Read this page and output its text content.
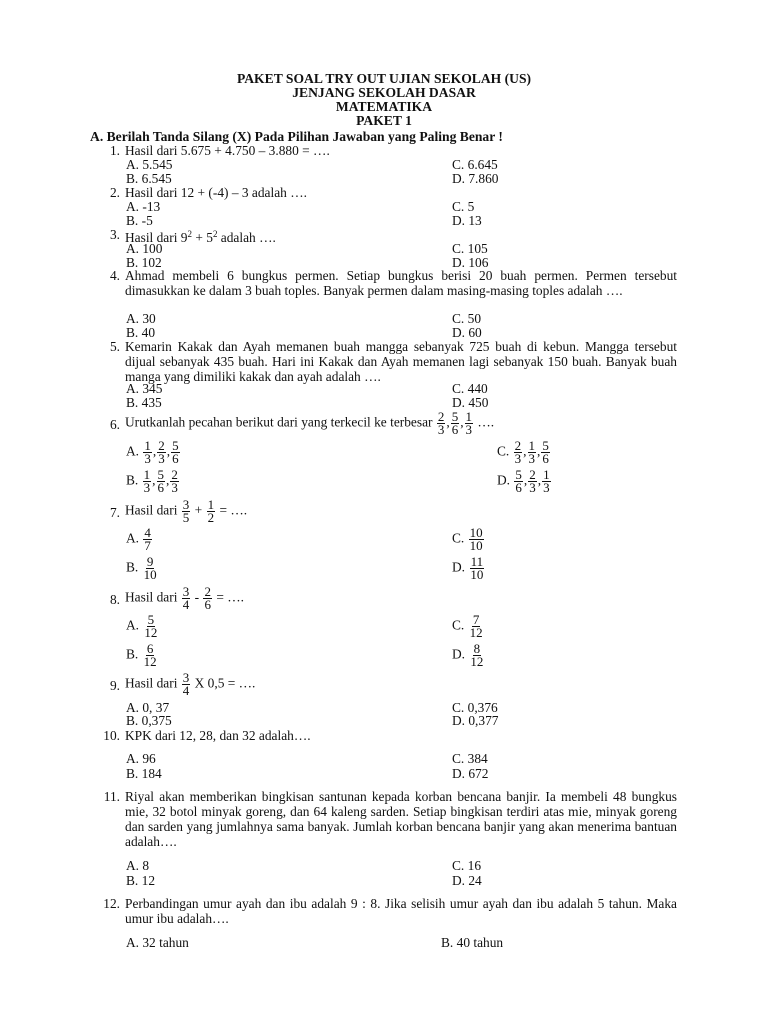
PAKET SOAL TRY OUT UJIAN SEKOLAH (US)
JENJANG SEKOLAH DASAR
MATEMATIKA
PAKET 1
A. Berilah Tanda Silang (X) Pada Pilihan Jawaban yang Paling Benar !
1. Hasil dari 5.675 + 4.750 – 3.880 = ….
A. 5.545
B. 6.545
C. 6.645
D. 7.860
2. Hasil dari 12 + (-4) – 3 adalah ….
A. -13
B. -5
C. 5
D. 13
3. Hasil dari $9^2 + 5^2$ adalah ….
A. 100
B. 102
C. 105
D. 106
4. Ahmad membeli 6 bungkus permen. Setiap bungkus berisi 20 buah permen. Permen tersebut dimasukkan ke dalam 3 buah toples. Banyak permen dalam masing-masing toples adalah ….
A. 30
B. 40
C. 50
D. 60
5. Kemarin Kakak dan Ayah memanen buah mangga sebanyak 725 buah di kebun. Mangga tersebut dijual sebanyak 435 buah. Hari ini Kakak dan Ayah memanen lagi sebanyak 150 buah. Banyak buah manga yang dimiliki kakak dan ayah adalah ….
A. 345
B. 435
C. 440
D. 450
6. Urutkanlah pecahan berikut dari yang terkecil ke terbesar $\frac{2}{3}$ , $\frac{5}{6}$ , $\frac{1}{3}$ ….
A. $\frac{1}{3}$ , $\frac{2}{3}$ , $\frac{5}{6}$
B. $\frac{1}{3}$ , $\frac{5}{6}$ , $\frac{2}{3}$
C. $\frac{2}{3}$ , $\frac{1}{3}$ , $\frac{5}{6}$
D. $\frac{5}{6}$ , $\frac{2}{3}$ , $\frac{1}{3}$
7. Hasil dari $\frac{3}{5} + \frac{1}{2}$ = ….
A. $\frac{4}{7}$
B. $\frac{9}{10}$
C. $\frac{10}{10}$
D. $\frac{11}{10}$
8. Hasil dari $\frac{3}{4} - \frac{2}{6}$ = ….
A. $\frac{5}{12}$
B. $\frac{6}{12}$
C. $\frac{7}{12}$
D. $\frac{8}{12}$
9. Hasil dari $\frac{3}{4}$ X 0,5 = ….
A. 0, 37
B. 0,375
C. 0,376
D. 0,377
10. KPK dari 12, 28, dan 32 adalah….
A. 96
B. 184
C. 384
D. 672
11. Riyal akan memberikan bingkisan santunan kepada korban bencana banjir. Ia membeli 48 bungkus mie, 32 botol minyak goreng, dan 64 kaleng sarden. Setiap bingkisan terdiri atas mie, minyak goreng dan sarden yang jumlahnya sama banyak. Jumlah korban bencana banjir yang akan menerima bantuan adalah….
A. 8
B. 12
C. 16
D. 24
12. Perbandingan umur ayah dan ibu adalah 9 : 8. Jika selisih umur ayah dan ibu adalah 5 tahun. Maka umur ibu adalah….
A. 32 tahun	B. 40 tahun
